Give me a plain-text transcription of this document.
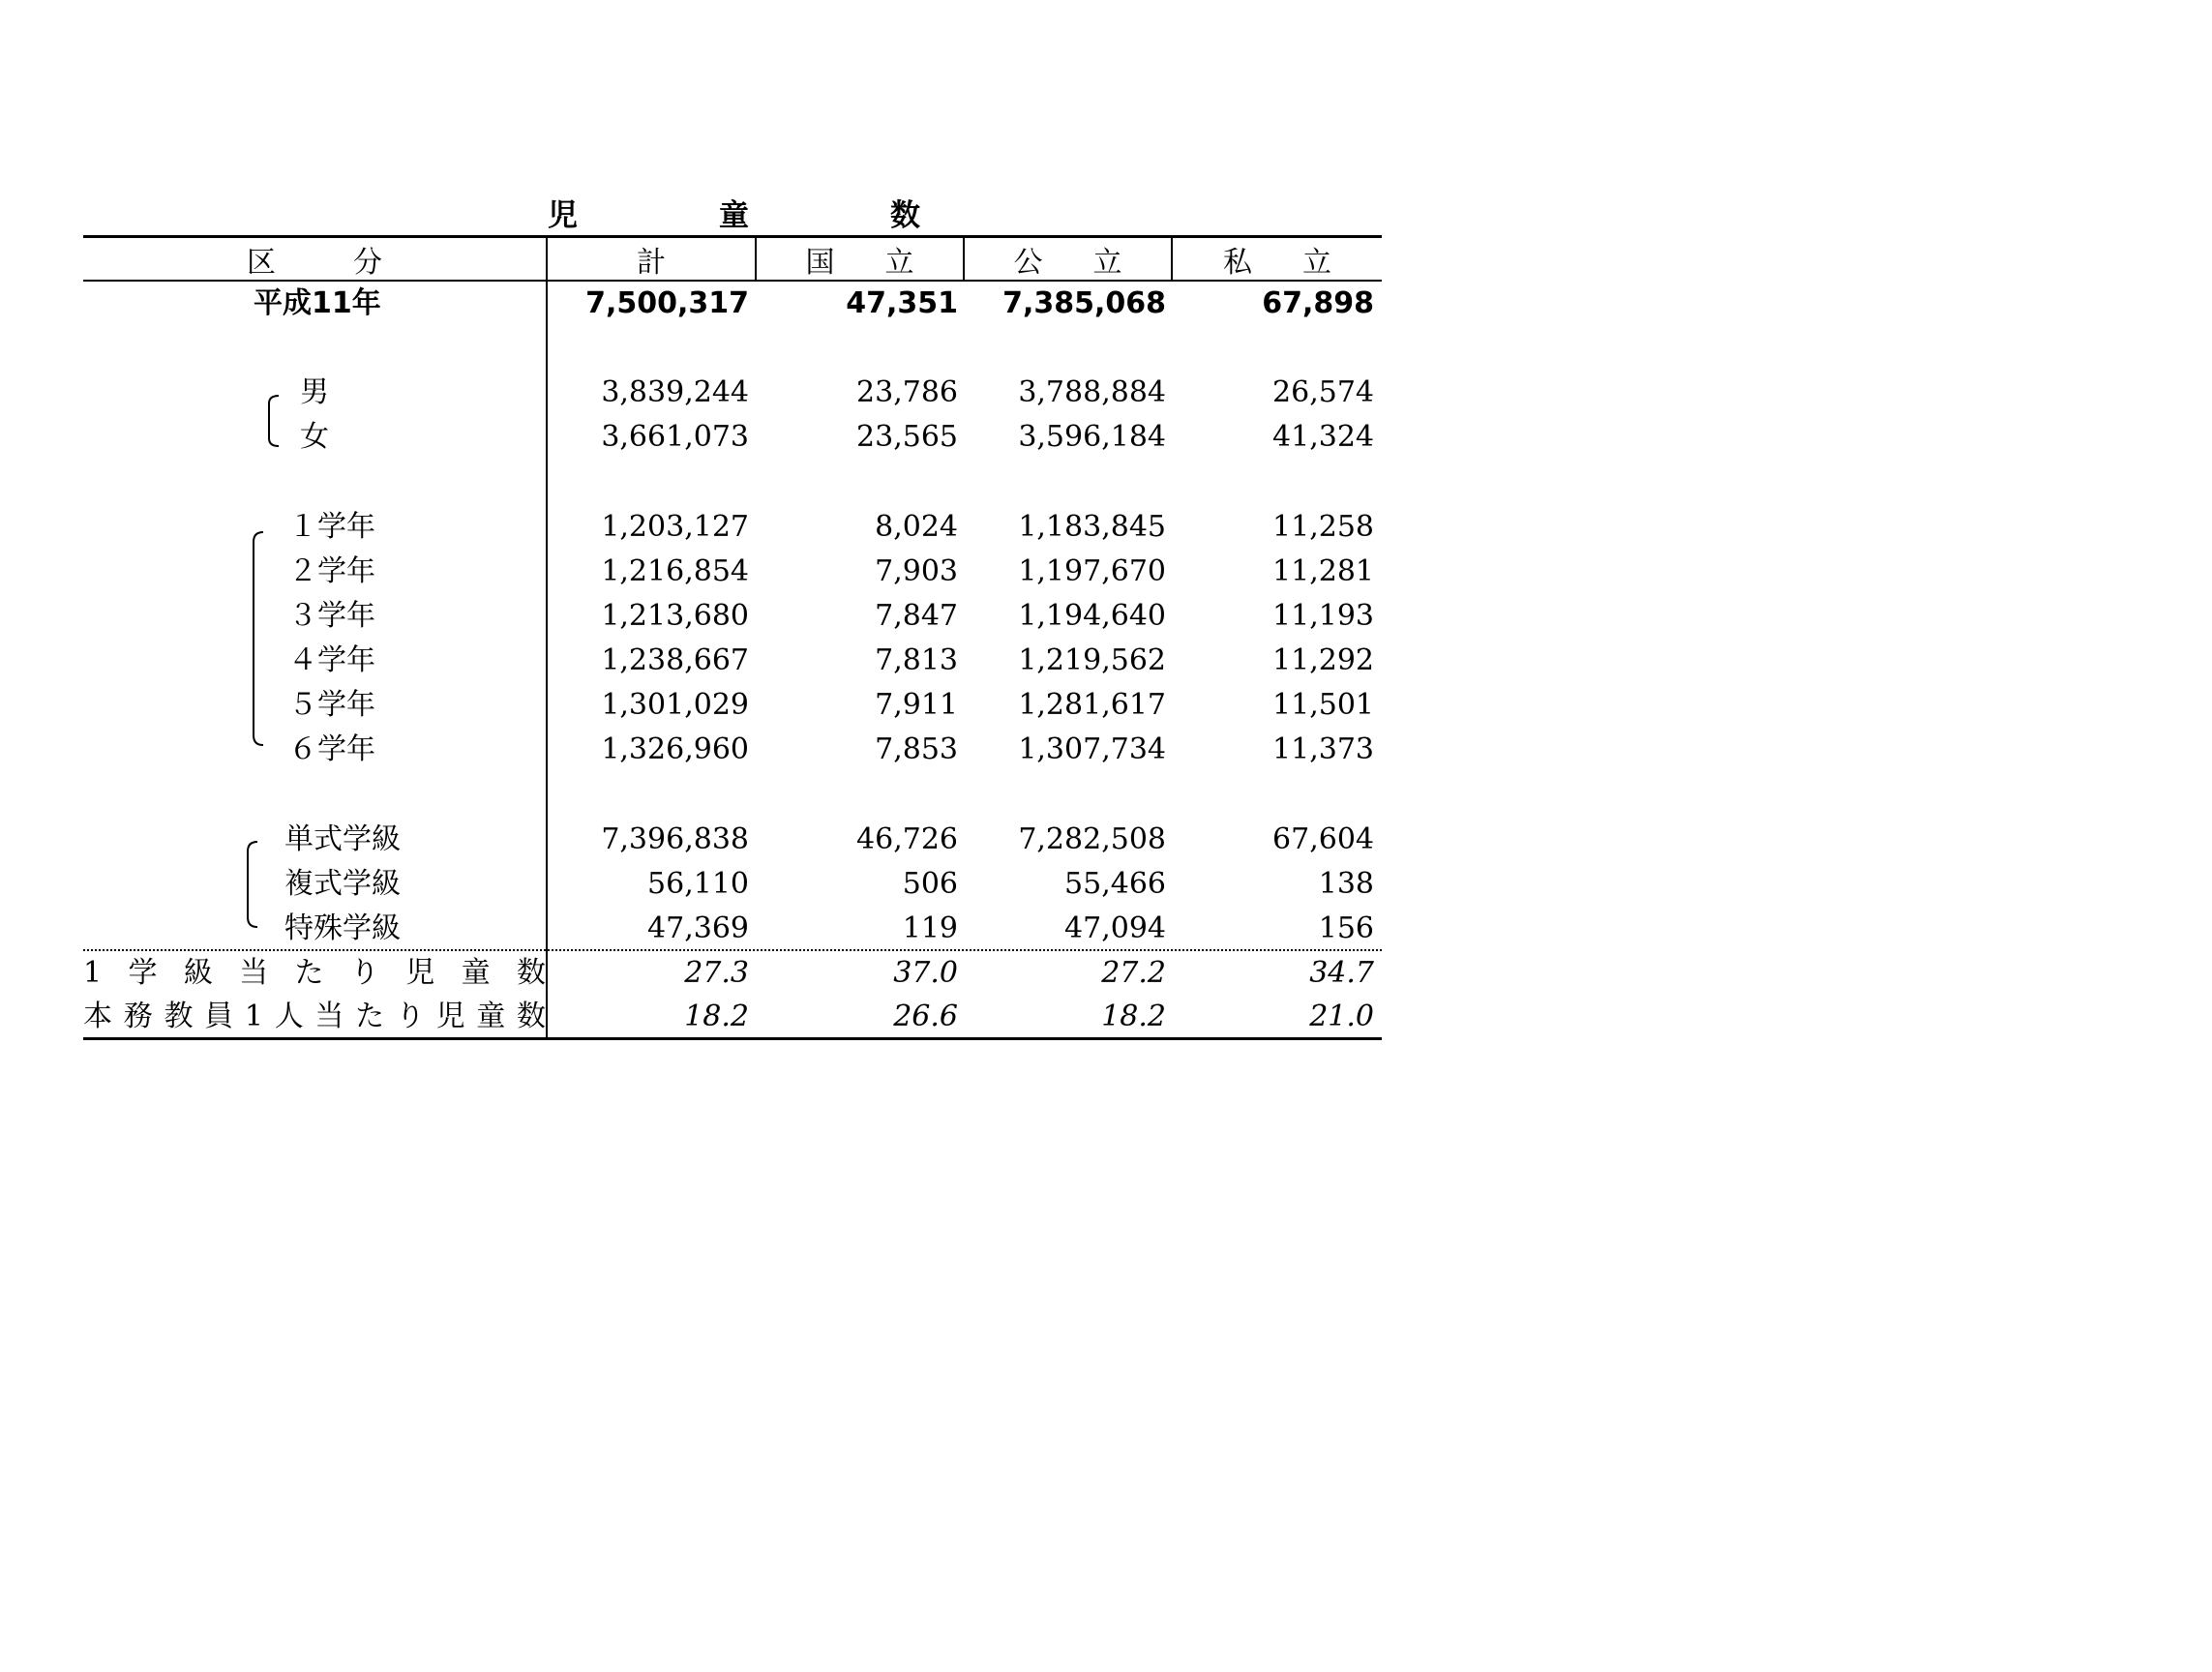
児	童	数
区	分	計	国 立	公 立	私 立
平成11年	7,500,317	47,351 7,385,068	67,898
男	3,839,244	23,786 3,788,884	26,574
女	3,661,073	23,565 3,596,184	41,324
１学年	1,203,127	8,024 1,183,845	11,258
２学年	1,216,854	7,903 1,197,670	11,281
３学年	1,213,680	7,847 1,194,640	11,193
４学年	1,238,667	7,813 1,219,562	11,292
５学年	1,301,029	7,911 1,281,617	11,501
６学年	1,326,960	7,853 1,307,734	11,373
単式学級	7,396,838	46,726 7,282,508	67,604
複式学級	56,110	506	55,466	138
特殊学級	47,369	119	47,094	156
1 学 級 当 た り 児 童 数	27.3	37.0	27.2	34.7
本 務 教 員 1 人 当 た り 児 童 数	18.2	26.6	18.2	21.0
